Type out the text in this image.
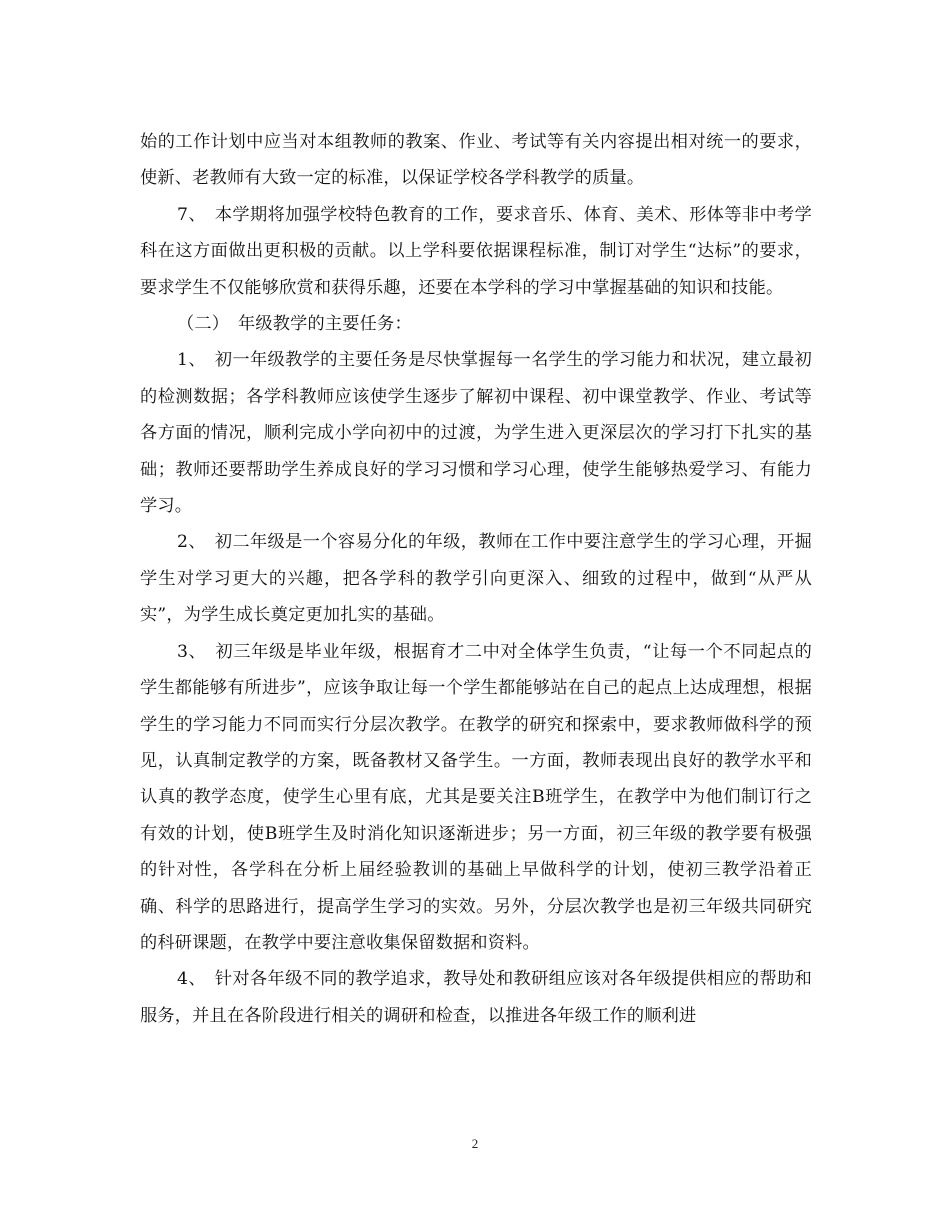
始的工作计划中应当对本组教师的教案、作业、考试等有关内容提出相对统一的要求，使新、老教师有大致一定的标准，以保证学校各学科教学的质量。

7、　本学期将加强学校特色教育的工作，要求音乐、体育、美术、形体等非中考学科在这方面做出更积极的贡献。以上学科要依据课程标准，制订对学生“达标”的要求，要求学生不仅能够欣赏和获得乐趣，还要在本学科的学习中掌握基础的知识和技能。

（二）　年级教学的主要任务：

1、　初一年级教学的主要任务是尽快掌握每一名学生的学习能力和状况，建立最初的检测数据；各学科教师应该使学生逐步了解初中课程、初中课堂教学、作业、考试等各方面的情况，顺利完成小学向初中的过渡，为学生进入更深层次的学习打下扎实的基础；教师还要帮助学生养成良好的学习习惯和学习心理，使学生能够热爱学习、有能力学习。

2、　初二年级是一个容易分化的年级，教师在工作中要注意学生的学习心理，开掘学生对学习更大的兴趣，把各学科的教学引向更深入、细致的过程中，做到“从严从实”，为学生成长奠定更加扎实的基础。

3、　初三年级是毕业年级，根据育才二中对全体学生负责，“让每一个不同起点的学生都能够有所进步”，应该争取让每一个学生都能够站在自己的起点上达成理想，根据学生的学习能力不同而实行分层次教学。在教学的研究和探索中，要求教师做科学的预见，认真制定教学的方案，既备教材又备学生。一方面，教师表现出良好的教学水平和认真的教学态度，使学生心里有底，尤其是要关注B班学生，在教学中为他们制订行之有效的计划，使B班学生及时消化知识逐渐进步；另一方面，初三年级的教学要有极强的针对性，各学科在分析上届经验教训的基础上早做科学的计划，使初三教学沿着正确、科学的思路进行，提高学生学习的实效。另外，分层次教学也是初三年级共同研究的科研课题，在教学中要注意收集保留数据和资料。

4、　针对各年级不同的教学追求，教导处和教研组应该对各年级提供相应的帮助和服务，并且在各阶段进行相关的调研和检查，以推进各年级工作的顺利进

2
